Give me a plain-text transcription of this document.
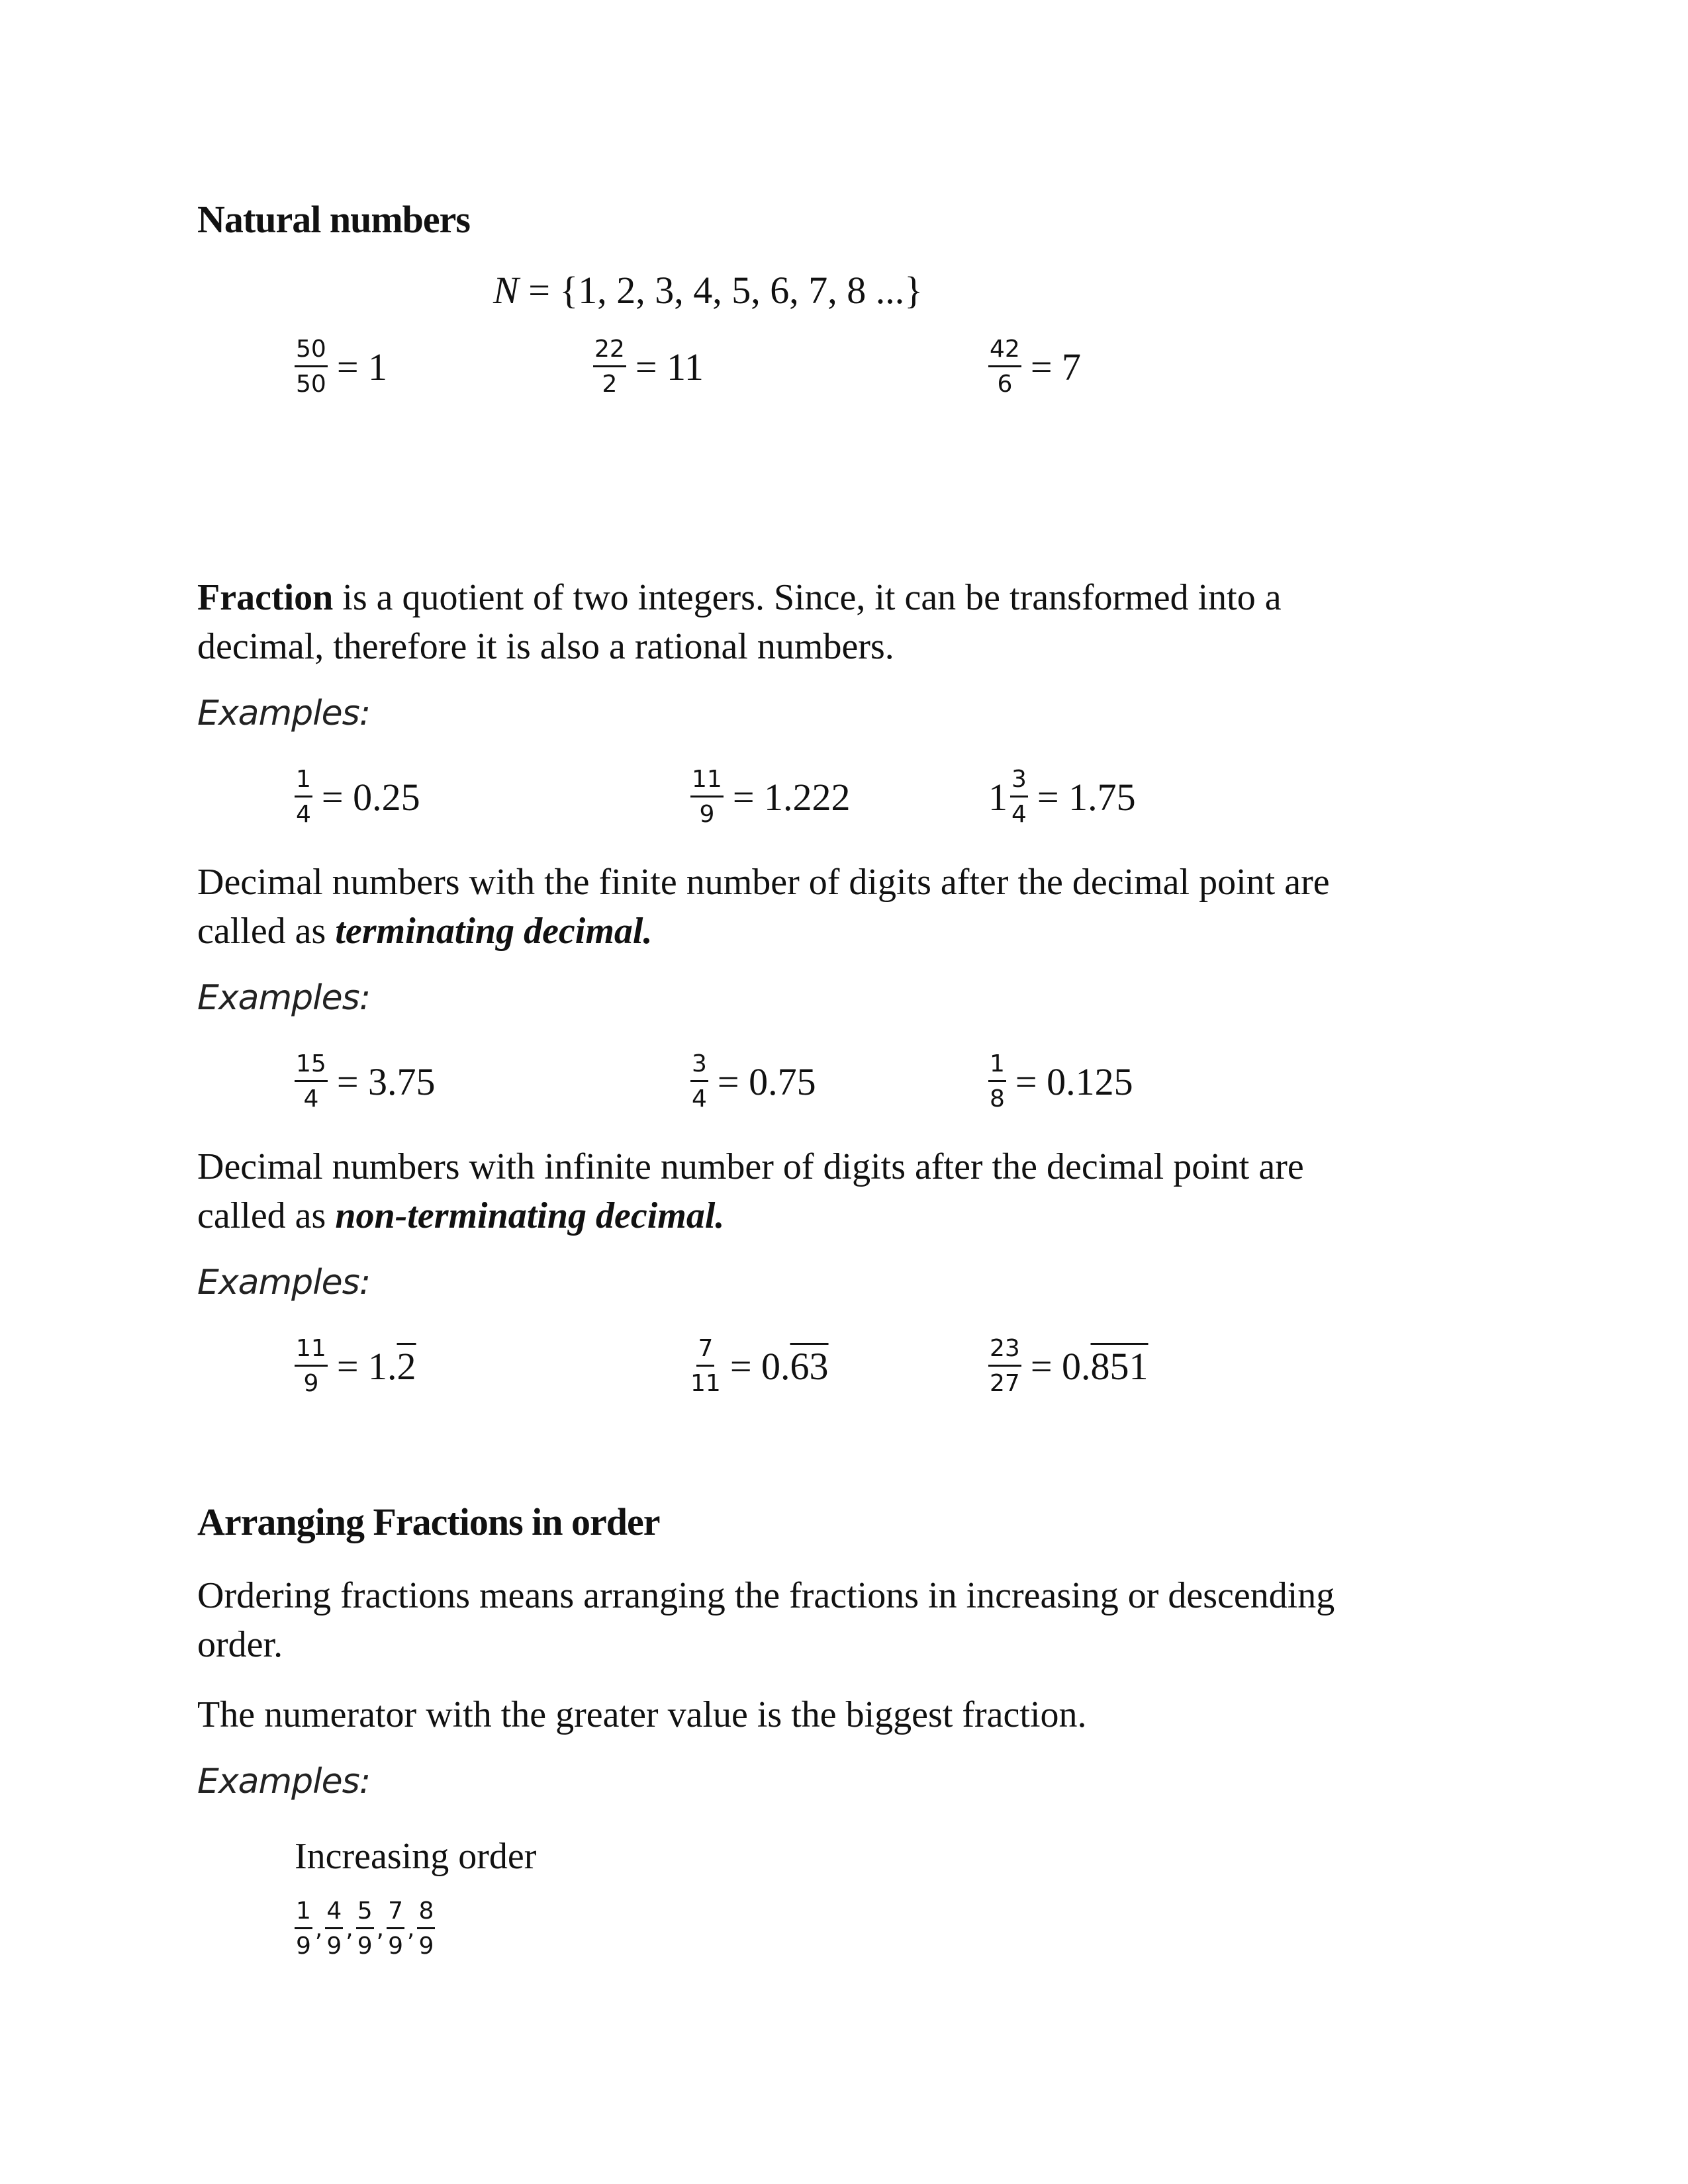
Natural numbers
N = {1, 2, 3, 4, 5, 6, 7, 8 ...}
$\frac{50}{50} = 1$	$\frac{22}{2} = 11$	$\frac{42}{6} = 7$
Fraction is a quotient of two integers. Since, it can be transformed into a
decimal, therefore it is also a rational numbers.
Examples:
$\frac{1}{4} = 0.25$	$\frac{11}{9} = 1.222$	$1 \frac{3}{4} = 1.75$
Decimal numbers with the finite number of digits after the decimal point are
called as terminating decimal.
Examples:
$\frac{15}{4} = 3.75$	$\frac{3}{4} = 0.75$	$\frac{1}{8} = 0.125$
Decimal numbers with infinite number of digits after the decimal point are
called as non-terminating decimal.
Examples:
$\frac{11}{9} = 1$. 2	$\frac{7}{11} = 0$. 63	$\frac{23}{27} = 0$. 851
Arranging Fractions in order
Ordering fractions means arranging the fractions in increasing or descending
order.
The numerator with the greater value is the biggest fraction.
Examples:
Increasing order
$\frac{1}{9}$ , $\frac{4}{9}$ , $\frac{5}{9}$ , $\frac{7}{9}$ , $\frac{8}{9}$
